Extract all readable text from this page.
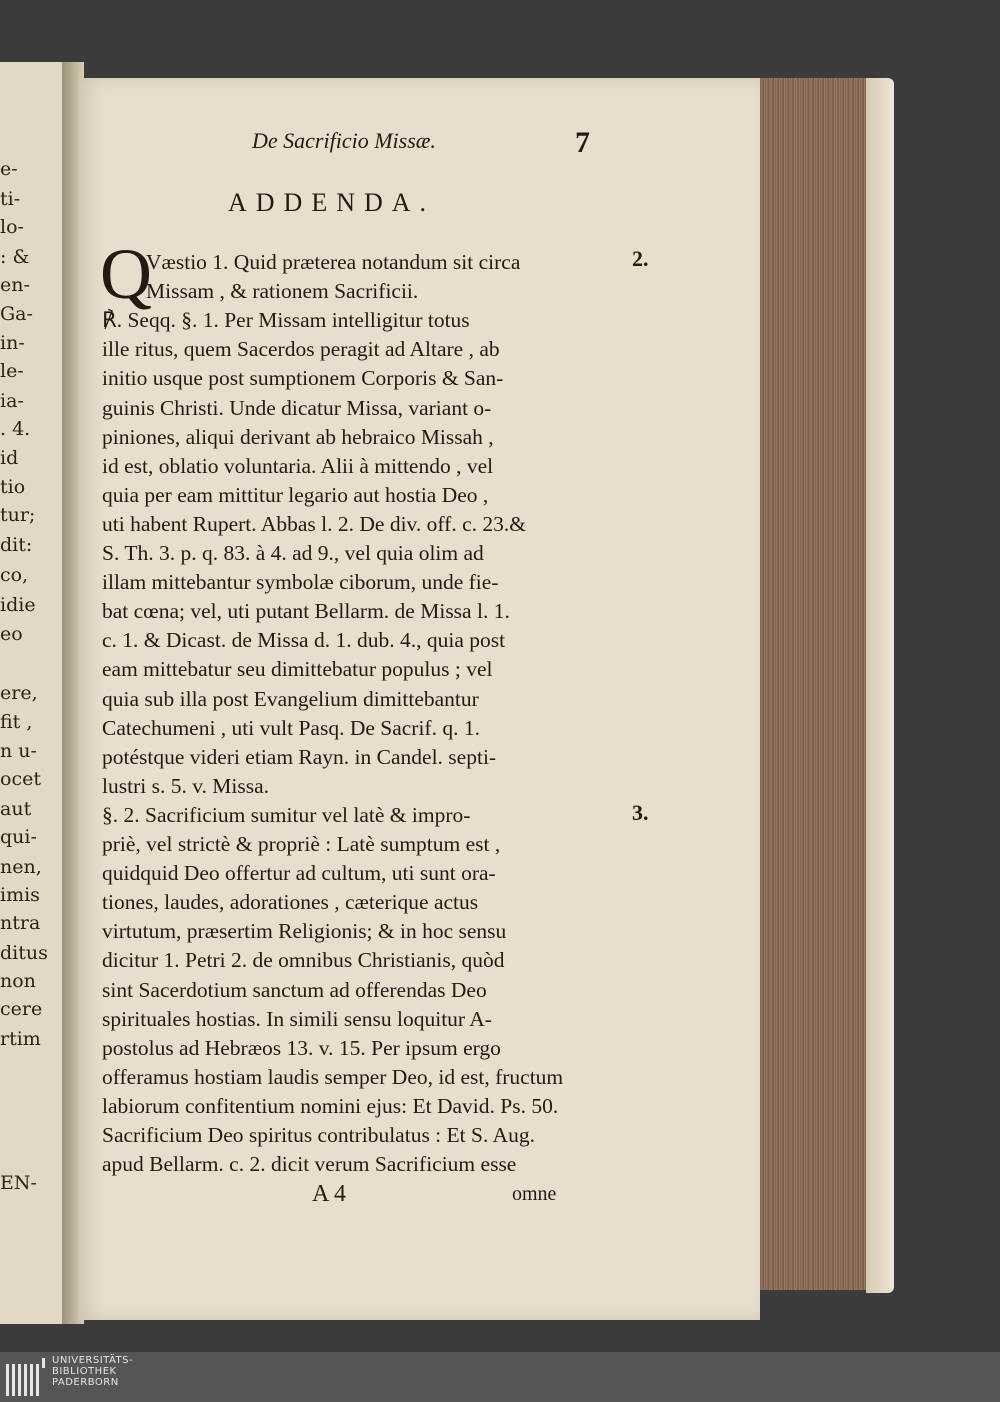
e-
ti-
lo-
: &
en-
Ga-
in-
le-
ia-
. 4.
id
tio
tur;
dit:
co,
idie
eo
ere,
fit ,
n u-
ocet
aut
qui-
nen,
imis
ntra
ditus
non
cere
rtim
EN-
De Sacrificio Missæ.	7
ADDENDA.
Q	2.
3.
A 4	omne
Væstio 1. Quid præterea notandum sit circa
Missam , & rationem Sacrificii.
℟. Seqq. §. 1. Per Missam intelligitur totus
ille ritus, quem Sacerdos peragit ad Altare , ab
initio usque post sumptionem Corporis & San-
guinis Christi. Unde dicatur Missa, variant o-
piniones, aliqui derivant ab hebraico Missah ,
id est, oblatio voluntaria. Alii à mittendo , vel
quia per eam mittitur legario aut hostia Deo ,
uti habent Rupert. Abbas l. 2. De div. off. c. 23.&
S. Th. 3. p. q. 83. à 4. ad 9., vel quia olim ad
illam mittebantur symbolæ ciborum, unde fie-
bat cœna; vel, uti putant Bellarm. de Missa l. 1.
c. 1. & Dicast. de Missa d. 1. dub. 4., quia post
eam mittebatur seu dimittebatur populus ; vel
quia sub illa post Evangelium dimittebantur
Catechumeni , uti vult Pasq. De Sacrif. q. 1.
potéstque videri etiam Rayn. in Candel. septi-
lustri s. 5. v. Missa.
§. 2. Sacrificium sumitur vel latè & impro-
priè, vel strictè & propriè : Latè sumptum est ,
quidquid Deo offertur ad cultum, uti sunt ora-
tiones, laudes, adorationes , cæterique actus
virtutum, præsertim Religionis; & in hoc sensu
dicitur 1. Petri 2. de omnibus Christianis, quòd
sint Sacerdotium sanctum ad offerendas Deo
spirituales hostias. In simili sensu loquitur A-
postolus ad Hebræos 13. v. 15. Per ipsum ergo
offeramus hostiam laudis semper Deo, id est, fructum
labiorum confitentium nomini ejus: Et David. Ps. 50.
Sacrificium Deo spiritus contribulatus : Et S. Aug.
apud Bellarm. c. 2. dicit verum Sacrificium esse
UNIVERSITÄTS-
BIBLIOTHEK
PADERBORN
